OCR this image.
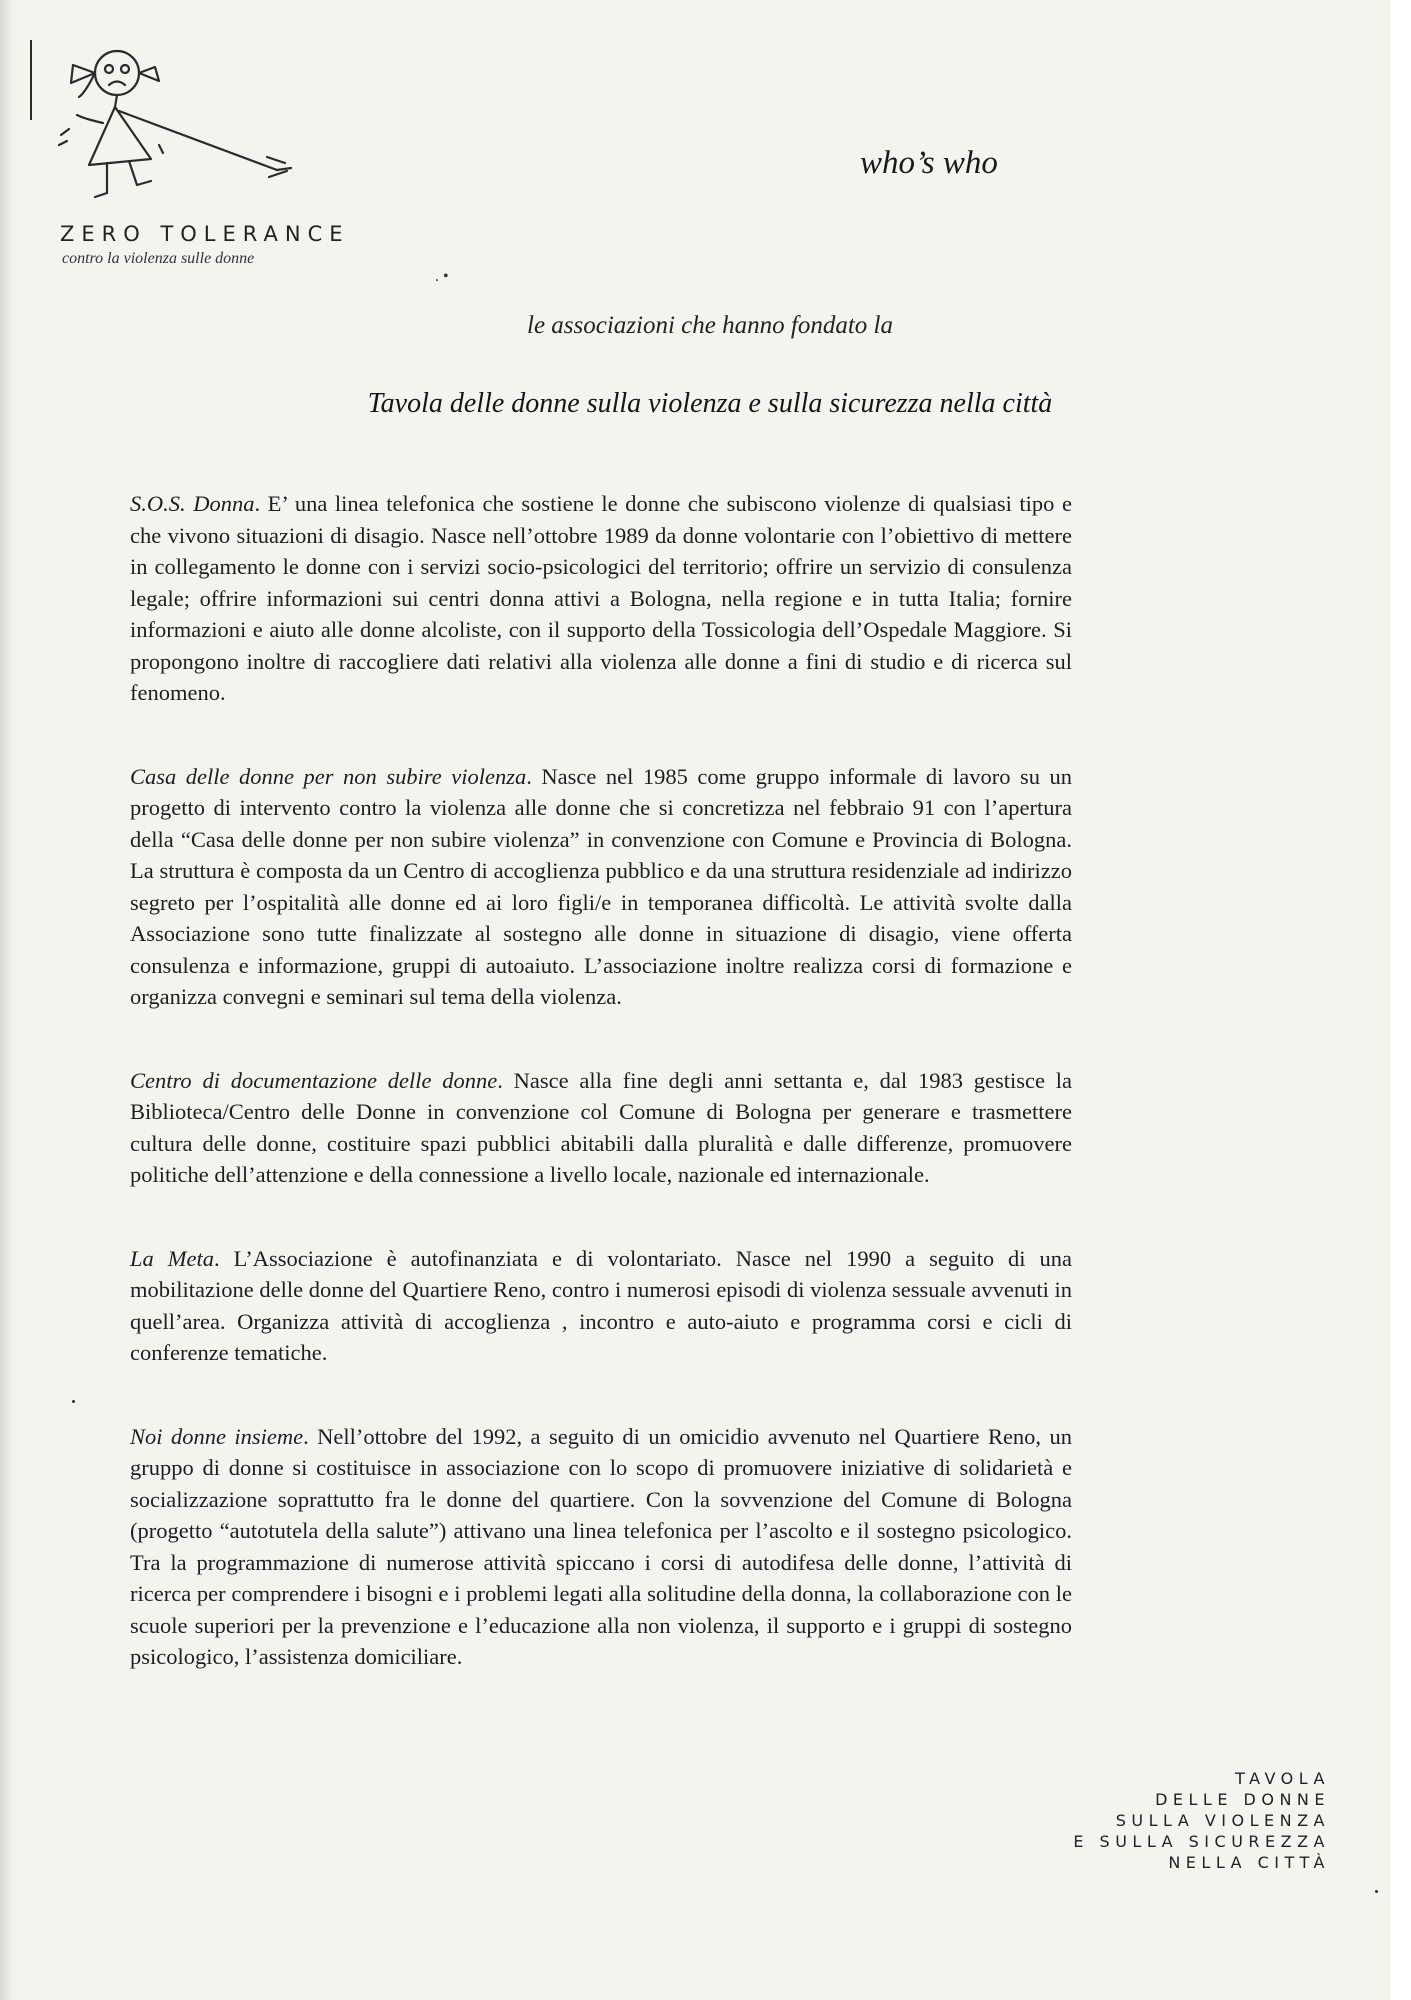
ZERO TOLERANCE
contro la violenza sulle donne
who’s who
. •
le associazioni che hanno fondato la
Tavola delle donne sulla violenza e sulla sicurezza nella città

S.O.S. Donna. E’ una linea telefonica che sostiene le donne che subiscono violenze di qualsiasi tipo e che vivono situazioni di disagio. Nasce nell’ottobre 1989 da donne volontarie con l’obiettivo di mettere in collegamento le donne con i servizi socio-psicologici del territorio; offrire un servizio di consulenza legale; offrire informazioni sui centri donna attivi a Bologna, nella regione e in tutta Italia; fornire informazioni e aiuto alle donne alcoliste, con il supporto della Tossicologia dell’Ospedale Maggiore. Si propongono inoltre di raccogliere dati relativi alla violenza alle donne a fini di studio e di ricerca sul fenomeno.

Casa delle donne per non subire violenza. Nasce nel 1985 come gruppo informale di lavoro su un progetto di intervento contro la violenza alle donne che si concretizza nel febbraio 91 con l’apertura della “Casa delle donne per non subire violenza” in convenzione con Comune e Provincia di Bologna. La struttura è composta da un Centro di accoglienza pubblico e da una struttura residenziale ad indirizzo segreto per l’ospitalità alle donne ed ai loro figli/e in temporanea difficoltà. Le attività svolte dalla Associazione sono tutte finalizzate al sostegno alle donne in situazione di disagio, viene offerta consulenza e informazione, gruppi di autoaiuto. L’associazione inoltre realizza corsi di formazione e organizza convegni e seminari sul tema della violenza.

Centro di documentazione delle donne. Nasce alla fine degli anni settanta e, dal 1983 gestisce la Biblioteca/Centro delle Donne in convenzione col Comune di Bologna per generare e trasmettere cultura delle donne, costituire spazi pubblici abitabili dalla pluralità e dalle differenze, promuovere politiche dell’attenzione e della connessione a livello locale, nazionale ed internazionale.

La Meta. L’Associazione è autofinanziata e di volontariato. Nasce nel 1990 a seguito di una mobilitazione delle donne del Quartiere Reno, contro i numerosi episodi di violenza sessuale avvenuti in quell’area. Organizza attività di accoglienza , incontro e auto-aiuto e programma corsi e cicli di conferenze tematiche.

Noi donne insieme. Nell’ottobre del 1992, a seguito di un omicidio avvenuto nel Quartiere Reno, un gruppo di donne si costituisce in associazione con lo scopo di promuovere iniziative di solidarietà e socializzazione soprattutto fra le donne del quartiere. Con la sovvenzione del Comune di Bologna (progetto “autotutela della salute”) attivano una linea telefonica per l’ascolto e il sostegno psicologico. Tra la programmazione di numerose attività spiccano i corsi di autodifesa delle donne, l’attività di ricerca per comprendere i bisogni e i problemi legati alla solitudine della donna, la collaborazione con le scuole superiori per la prevenzione e l’educazione alla non violenza, il supporto e i gruppi di sostegno psicologico, l’assistenza domiciliare.

TAVOLA
DELLE DONNE
SULLA VIOLENZA
E SULLA SICUREZZA
NELLA CITTÀ
